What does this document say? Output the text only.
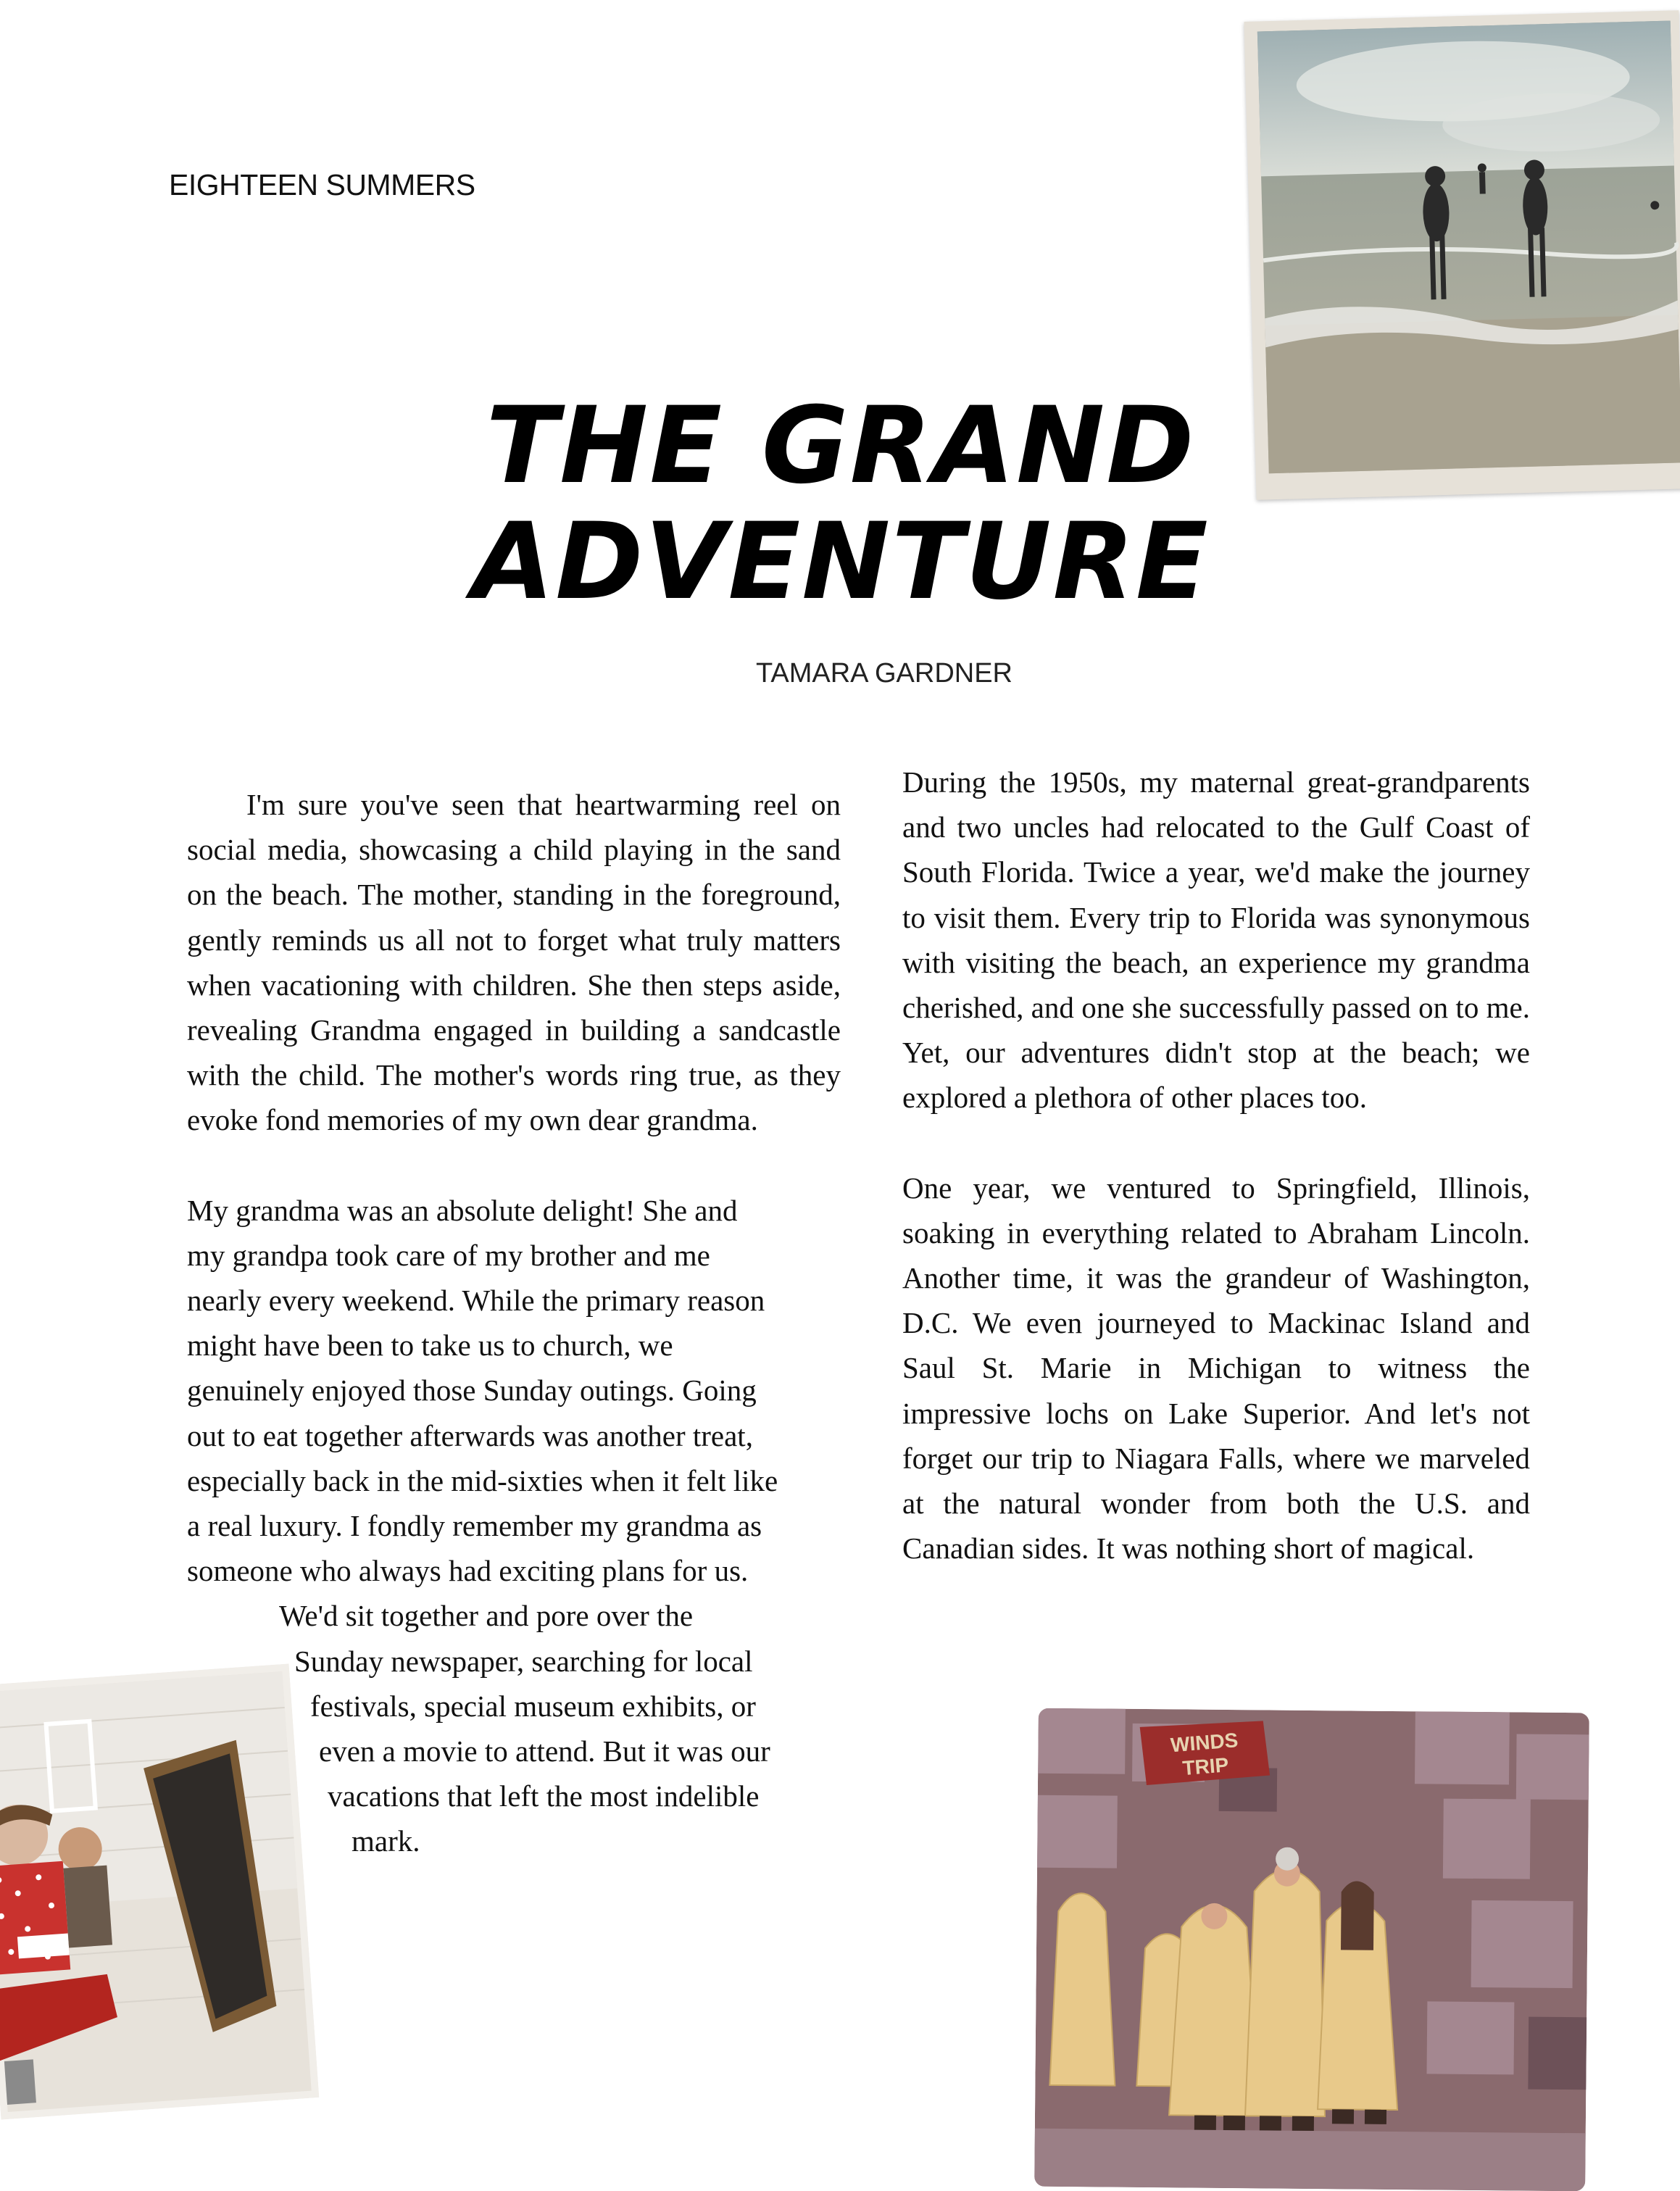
EIGHTEEN SUMMERS
THE GRAND
ADVENTURE
TAMARA GARDNER

I'm sure you've seen that heartwarming reel on social media, showcasing a child playing in the sand on the beach. The mother, standing in the foreground, gently reminds us all not to forget what truly matters when vacationing with children. She then steps aside, revealing Grandma engaged in building a sandcastle with the child. The mother's words ring true, as they evoke fond memories of my own dear grandma.

My grandma was an absolute delight! She and
my grandpa took care of my brother and me
nearly every weekend. While the primary reason
might have been to take us to church, we
genuinely enjoyed those Sunday outings. Going
out to eat together afterwards was another treat,
especially back in the mid-sixties when it felt like
a real luxury. I fondly remember my grandma as
someone who always had exciting plans for us.
We'd sit together and pore over the
Sunday newspaper, searching for local
festivals, special museum exhibits, or
even a movie to attend. But it was our
vacations that left the most indelible
mark.

During the 1950s, my maternal great-grandparents and two uncles had relocated to the Gulf Coast of South Florida. Twice a year, we'd make the journey to visit them. Every trip to Florida was synonymous with visiting the beach, an experience my grandma cherished, and one she successfully passed on to me. Yet, our adventures didn't stop at the beach; we explored a plethora of other places too.

One year, we ventured to Springfield, Illinois, soaking in everything related to Abraham Lincoln. Another time, it was the grandeur of Washington, D.C. We even journeyed to Mackinac Island and Saul St. Marie in Michigan to witness the impressive lochs on Lake Superior. And let's not forget our trip to Niagara Falls, where we marveled at the natural wonder from both the U.S. and Canadian sides. It was nothing short of magical.

WINDS
TRIP
